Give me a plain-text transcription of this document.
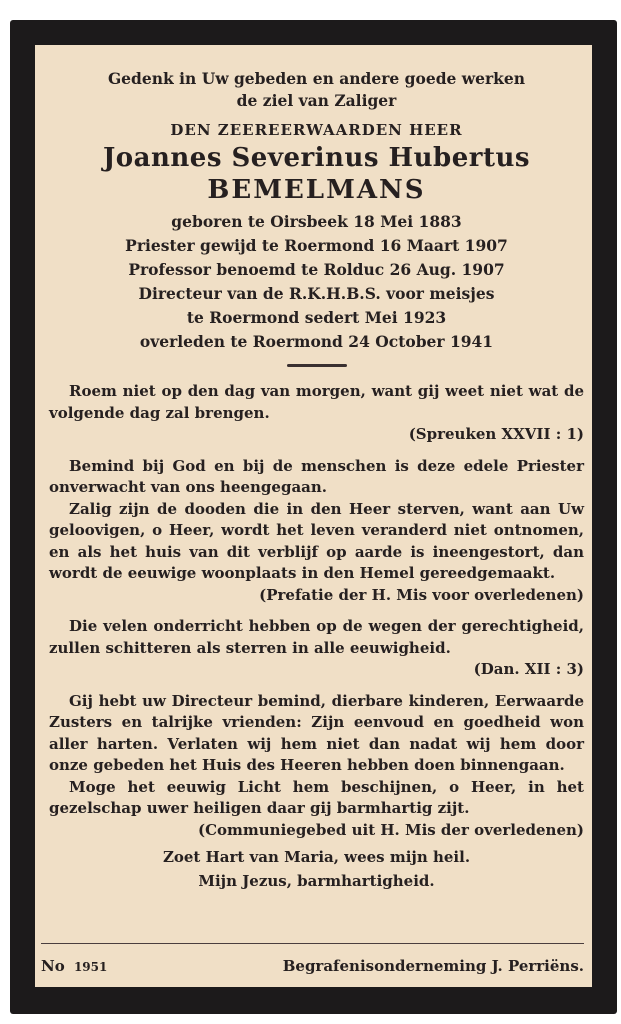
Gedenk in Uw gebeden en andere goede werken
de ziel van Zaliger
DEN ZEEREERWAARDEN HEER
Joannes Severinus Hubertus
BEMELMANS
geboren te Oirsbeek 18 Mei 1883
Priester gewijd te Roermond 16 Maart 1907
Professor benoemd te Rolduc 26 Aug. 1907
Directeur van de R.K.H.B.S. voor meisjes
te Roermond sedert Mei 1923
overleden te Roermond 24 October 1941

Roem niet op den dag van morgen, want gij weet niet wat de volgende dag zal brengen.

(Spreuken XXVII : 1)

Bemind bij God en bij de menschen is deze edele Priester onverwacht van ons heengegaan.

Zalig zijn de dooden die in den Heer sterven, want aan Uw geloovigen, o Heer, wordt het leven veranderd niet ontnomen, en als het huis van dit verblijf op aarde is ineengestort, dan wordt de eeuwige woonplaats in den Hemel gereedgemaakt.

(Prefatie der H. Mis voor overledenen)

Die velen onderricht hebben op de wegen der gerechtigheid, zullen schitteren als sterren in alle eeuwigheid.

(Dan. XII : 3)

Gij hebt uw Directeur bemind, dierbare kinderen, Eerwaarde Zusters en talrijke vrienden: Zijn eenvoud en goedheid won aller harten. Verlaten wij hem niet dan nadat wij hem door onze gebeden het Huis des Heeren hebben doen binnengaan.

Moge het eeuwig Licht hem beschijnen, o Heer, in het gezelschap uwer heiligen daar gij barmhartig zijt.

(Communiegebed uit H. Mis der overledenen)

Zoet Hart van Maria, wees mijn heil.
Mijn Jezus, barmhartigheid.
No 1951	Begrafenisonderneming J. Perriëns.
